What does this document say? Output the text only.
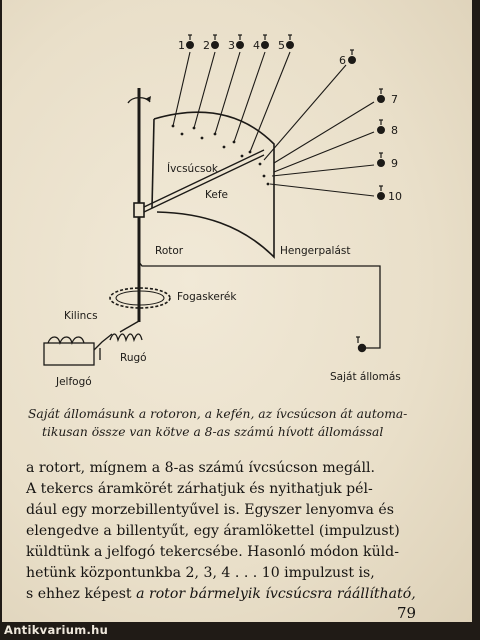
1 2 3 4 5
6
7
8
9
10
Ívcsúcsok
Kefe
Rotor	Hengerpalást
Fogaskerék
Kilincs
Rugó
Jelfogó	Saját állomás
Saját állomásunk a rotoron, a kefén, az ívcsúcson át automa-
tikusan össze van kötve a 8-as számú hívott állomással
a rotort, mígnem a 8-as számú ívcsúcson megáll.
A tekercs áramkörét zárhatjuk és nyithatjuk pél-
dául egy morzebillentyűvel is. Egyszer lenyomva és
elengedve a billentyűt, egy áramlökettel (impulzust)
küldtünk a jelfogó tekercsébe. Hasonló módon küld-
hetünk központunkba 2, 3, 4 . . . 10 impulzust is,
s ehhez képest a rotor bármelyik ívcsúcsra ráállítható,
79
Antikvarium.hu
